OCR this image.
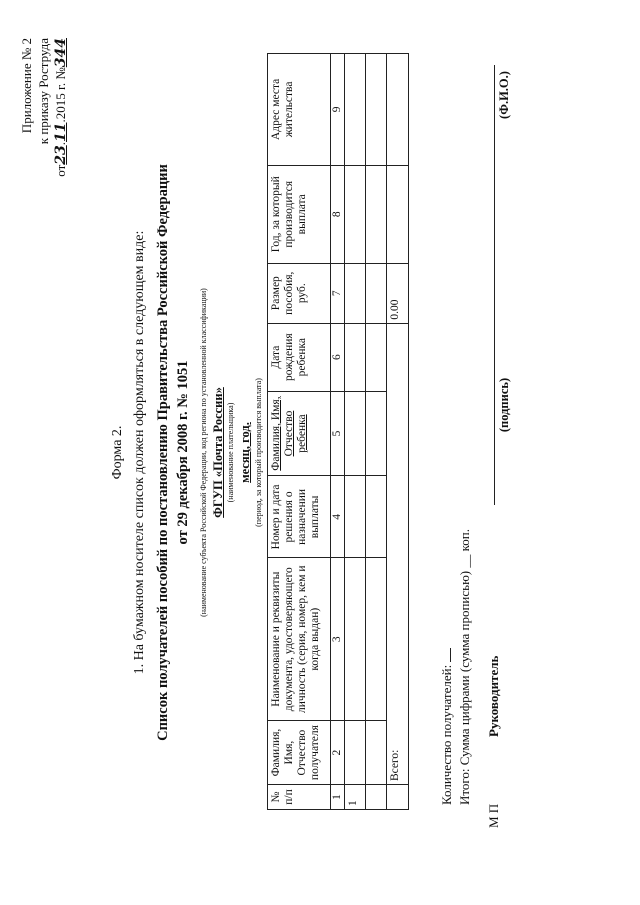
Приложение № 2 к приказу Роструда
от23.11.2015 г. №344
Форма 2. 1. На бумажном носителе список должен оформляться в следующем виде: Список получателей пособий по постановлению Правительства Российской Федерации от 29 декабря 2008 г. № 1051 (наименование субъекта Российской Федерации, код региона по установленной классификации) ФГУП «Почта России» (наименование плательщика) месяц, год. (период, за который производится выплата)
№ п/п	Фамилия, Имя, Отчество получателя	Наименование и реквизиты документа, удостоверяющего личность (серия, номер, кем и когда выдан)	Номер и дата решения о назначении выплаты	Фамилия, Имя, Отчество ребенка	Дата рождения ребенка	Размер пособия, руб.	Год, за который производится выплата	Адрес места жительства
1	2	3	4	5	6	7	8	9
1								

	Всего:					0.00		
Количество получателей: Итого: Сумма цифрами (сумма прописью) __ коп.
М П
Руководитель
(подпись)
(Ф.И.О.)
